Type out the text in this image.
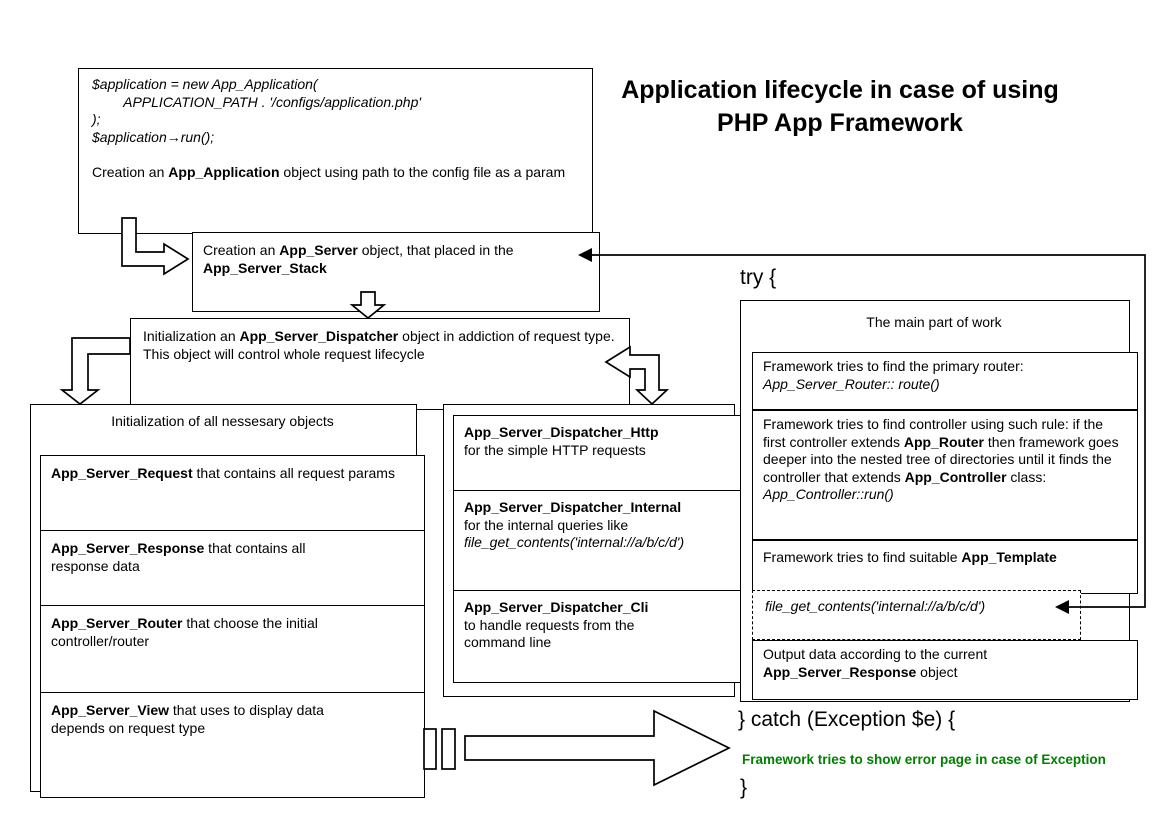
Application lifecycle in case of using
PHP App Framework
$application = new App_Application(
APPLICATION_PATH . '/configs/application.php'
);
$application→run();

Creation an App_Application object using path to the config file as a param
Creation an App_Server object, that placed in the
App_Server_Stack
Initialization an App_Server_Dispatcher object in addiction of request type. This object will control whole request lifecycle
Initialization of all nessesary objects
App_Server_Request that contains all request params
App_Server_Response that contains all
response data
App_Server_Router that choose the initial
controller/router
App_Server_View that uses to display data
depends on request type
App_Server_Dispatcher_Http
for the simple HTTP requests
App_Server_Dispatcher_Internal
for the internal queries like
file_get_contents('internal://a/b/c/d')
App_Server_Dispatcher_Cli
to handle requests from the
command line
try {
The main part of work
Framework tries to find the primary router:
App_Server_Router:: route()
Framework tries to find controller using such rule: if the first controller extends App_Router then framework goes deeper into the nested tree of directories until it finds the controller that extends App_Controller class:
App_Controller::run()
Framework tries to find suitable App_Template
file_get_contents('internal://a/b/c/d')
Output data according to the current
App_Server_Response object
} catch (Exception $e) {
Framework tries to show error page in case of Exception
}
